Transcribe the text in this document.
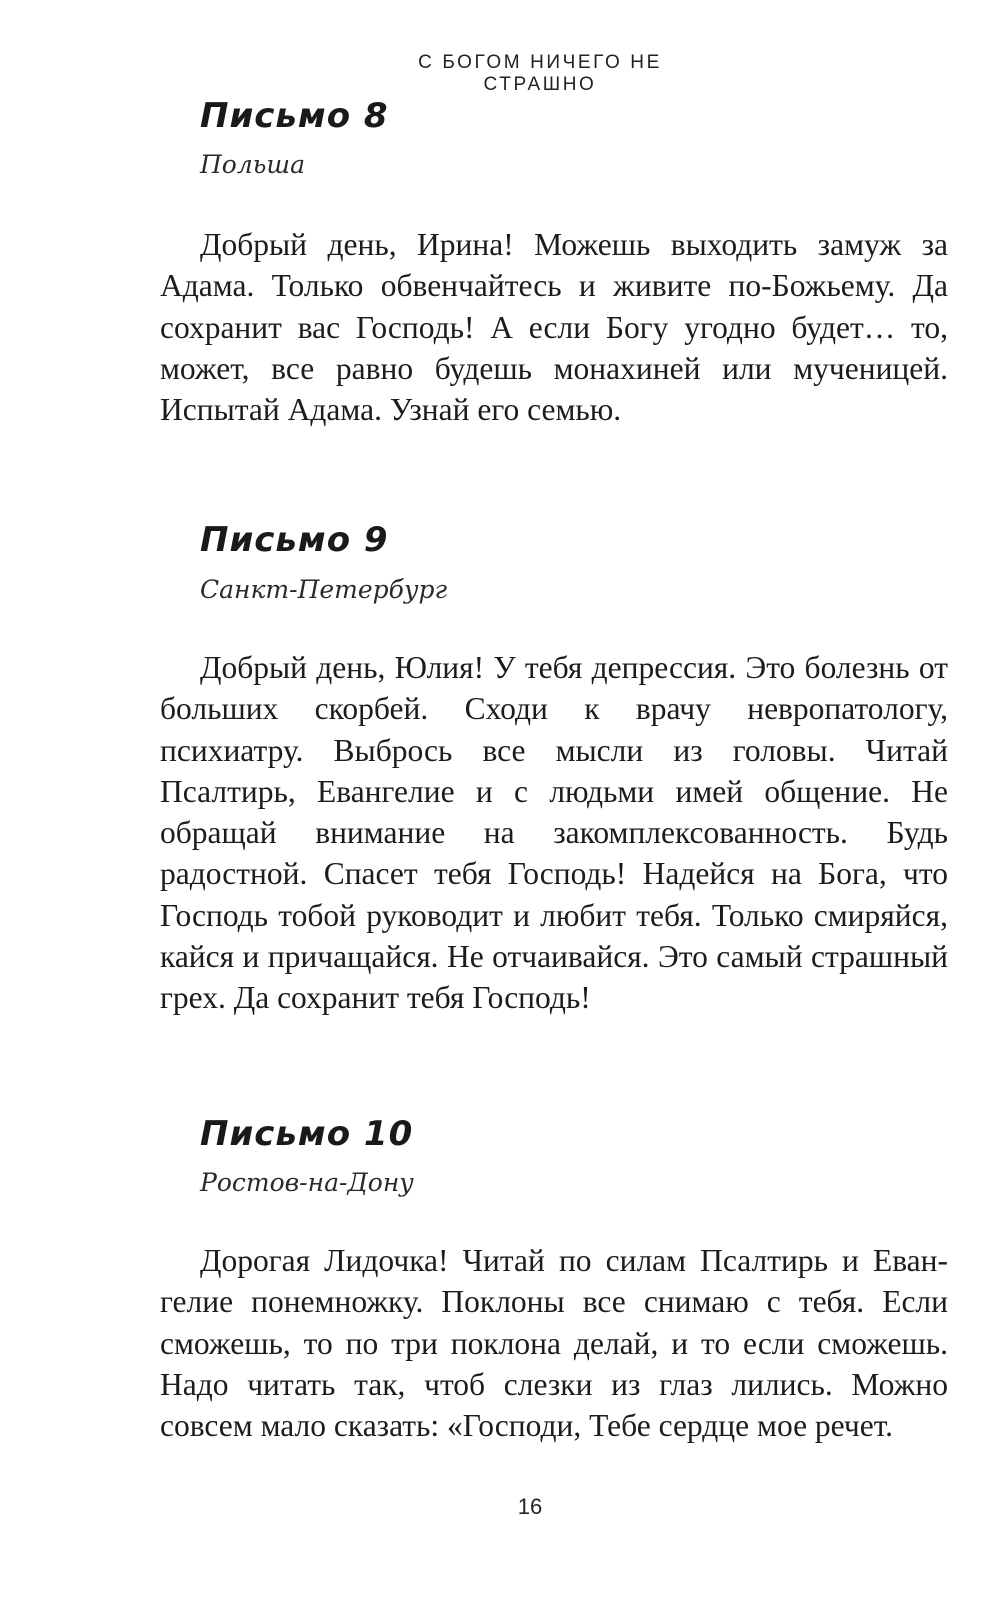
С БОГОМ НИЧЕГО НЕ СТРАШНО
Письмо 8
Польша

Добрый день, Ирина! Можешь выходить замуж за Адама. Только обвенчайтесь и живите по-Божьему. Да сохранит вас Господь! А если Богу угодно будет… то, может, все равно будешь монахиней или мученицей. Испытай Адама. Узнай его семью.

Письмо 9
Санкт-Петербург

Добрый день, Юлия! У тебя депрессия. Это болезнь от больших скорбей. Сходи к врачу невропатологу, психиатру. Выбрось все мысли из головы. Читай Псалтирь, Евангелие и с людьми имей общение. Не обращай внимание на закомплексованность. Будь радостной. Спасет тебя Господь! Надейся на Бога, что Господь тобой руководит и любит тебя. Только смиряйся, кайся и причащайся. Не отчаивайся. Это самый страшный грех. Да сохранит тебя Господь!

Письмо 10
Ростов-на-Дону

Дорогая Лидочка! Читай по силам Псалтирь и Евангелие понемножку. Поклоны все снимаю с тебя. Если сможешь, то по три поклона делай, и то если сможешь. Надо читать так, чтоб слезки из глаз лились. Можно совсем мало сказать: «Господи, Тебе сердце мое речет.

16
